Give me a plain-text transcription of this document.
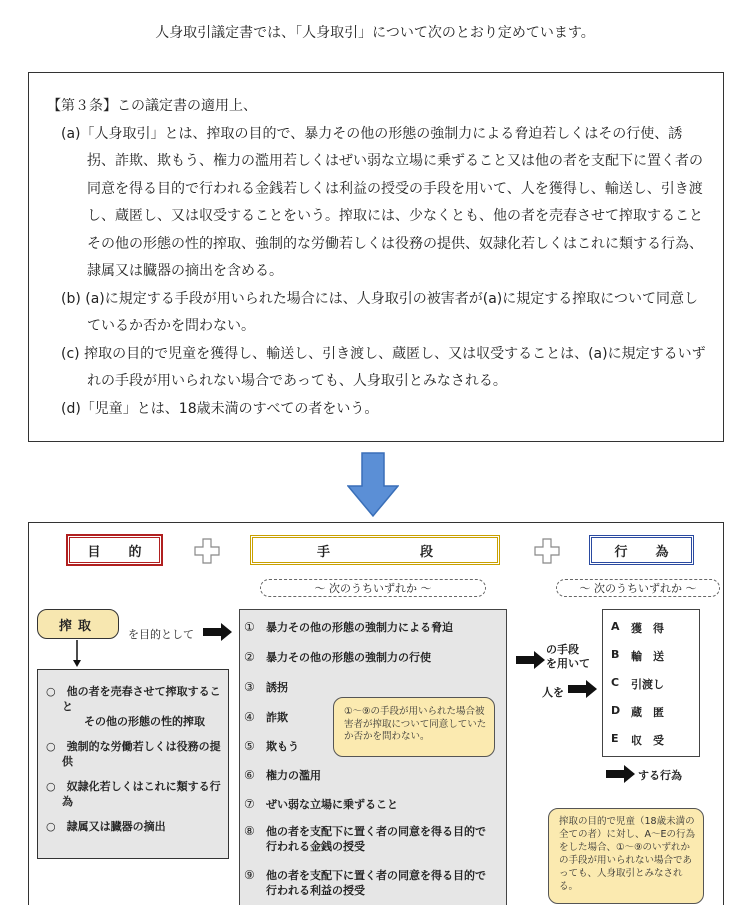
人身取引議定書では、「人身取引」について次のとおり定めています。
【第３条】この議定書の適用上、
(a)「人身取引」とは、搾取の目的で、暴力その他の形態の強制力による脅迫若しくはその行使、誘拐、詐欺、欺もう、権力の濫用若しくはぜい弱な立場に乗ずること又は他の者を支配下に置く者の同意を得る目的で行われる金銭若しくは利益の授受の手段を用いて、人を獲得し、輸送し、引き渡し、蔵匿し、又は収受することをいう。搾取には、少なくとも、他の者を売春させて搾取することその他の形態の性的搾取、強制的な労働若しくは役務の提供、奴隷化若しくはこれに類する行為、隷属又は臓器の摘出を含める。
(b) (a)に規定する手段が用いられた場合には、人身取引の被害者が(a)に規定する搾取について同意しているか否かを問わない。
(c) 搾取の目的で児童を獲得し、輸送し、引き渡し、蔵匿し、又は収受することは、(a)に規定するいずれの手段が用いられない場合であっても、人身取引とみなされる。
(d)「児童」とは、18歳未満のすべての者をいう。
目的	手段	行為
～ 次のうちいずれか ～	～ 次のうちいずれか ～
搾取
を目的として
○　他の者を売春させて搾取すること
　　その他の形態の性的搾取
○　強制的な労働若しくは役務の提供
○　奴隷化若しくはこれに類する行為
○　隷属又は臓器の摘出
①	暴力その他の形態の強制力による脅迫
②	暴力その他の形態の強制力の行使
③	誘拐
④	詐欺
⑤	欺もう
⑥	権力の濫用
⑦	ぜい弱な立場に乗ずること
⑧	他の者を支配下に置く者の同意を得る目的で
行われる金銭の授受
⑨	他の者を支配下に置く者の同意を得る目的で
行われる利益の授受
①～⑨の手段が用いられた場合被害者が搾取について同意していたか否かを問わない。
の手段
を用いて
人を
A	獲　得
B	輸　送
C	引渡し
D 蔵　匿
E	収　受
する行為
搾取の目的で児童（18歳未満の全ての者）に対し、A～Eの行為をした場合、①～⑨のいずれかの手段が用いられない場合であっても、人身取引とみなされる。
